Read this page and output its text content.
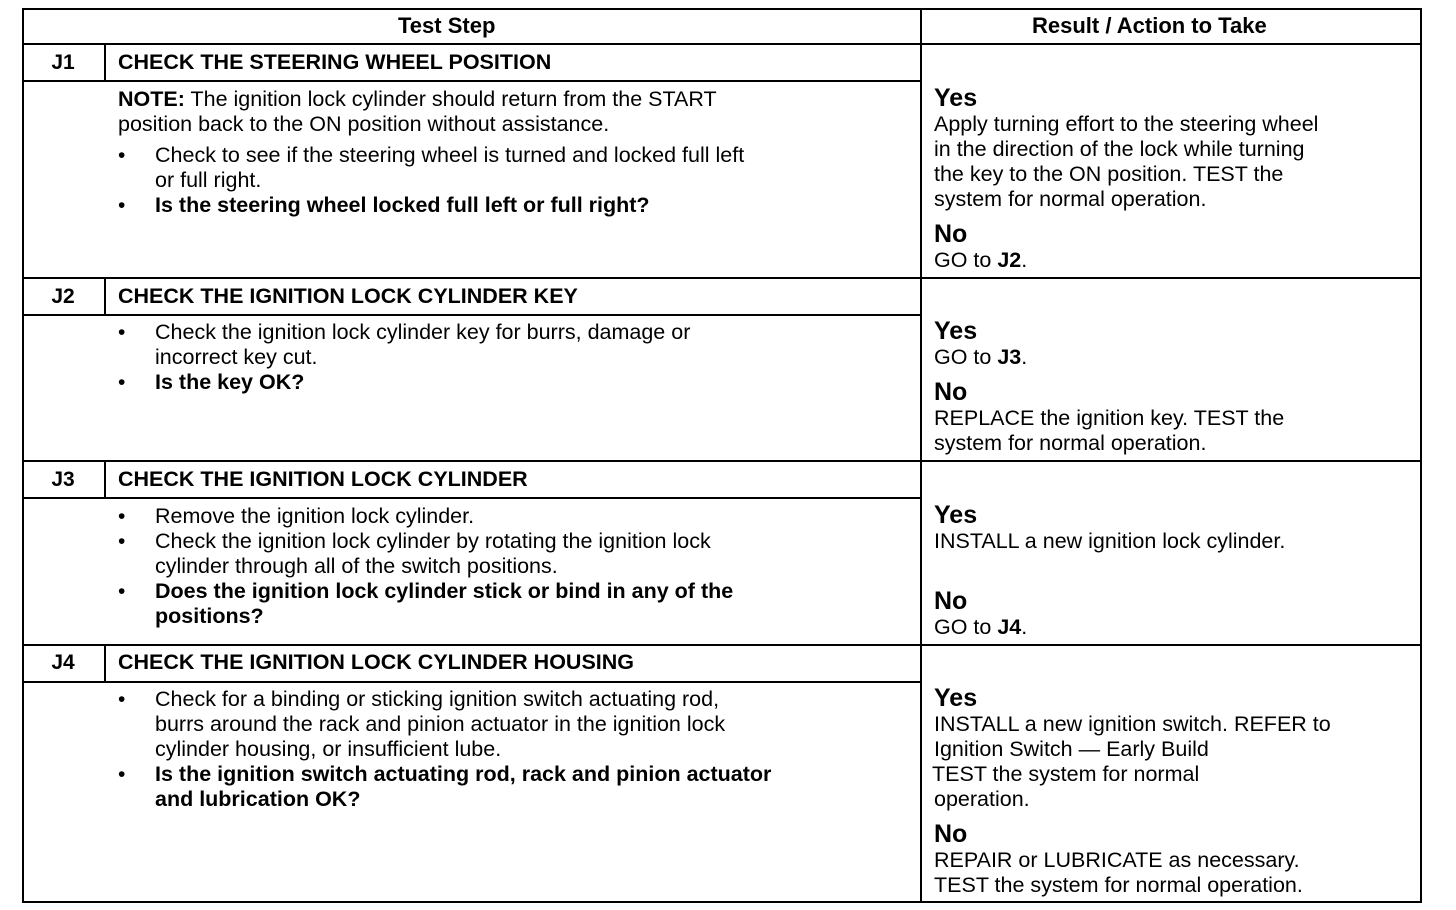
Test Step	Result / Action to Take
J1	CHECK THE STEERING WHEEL POSITION
NOTE: The ignition lock cylinder should return from the START
position back to the ON position without assistance.
• Check to see if the steering wheel is turned and locked full left
or full right.
• Is the steering wheel locked full left or full right?
Yes
Apply turning effort to the steering wheel
in the direction of the lock while turning
the key to the ON position. TEST the
system for normal operation.
No
GO to J2.
J2	CHECK THE IGNITION LOCK CYLINDER KEY
• Check the ignition lock cylinder key for burrs, damage or
incorrect key cut.
• Is the key OK?
Yes
GO to J3.
No
REPLACE the ignition key. TEST the
system for normal operation.
J3	CHECK THE IGNITION LOCK CYLINDER
• Remove the ignition lock cylinder.
• Check the ignition lock cylinder by rotating the ignition lock
cylinder through all of the switch positions.
• Does the ignition lock cylinder stick or bind in any of the
positions?
Yes
INSTALL a new ignition lock cylinder.
No
GO to J4.
J4	CHECK THE IGNITION LOCK CYLINDER HOUSING
• Check for a binding or sticking ignition switch actuating rod,
burrs around the rack and pinion actuator in the ignition lock
cylinder housing, or insufficient lube.
• Is the ignition switch actuating rod, rack and pinion actuator
and lubrication OK?
Yes
INSTALL a new ignition switch. REFER to
Ignition Switch — Early Build
TEST the system for normal
operation.
No
REPAIR or LUBRICATE as necessary.
TEST the system for normal operation.
